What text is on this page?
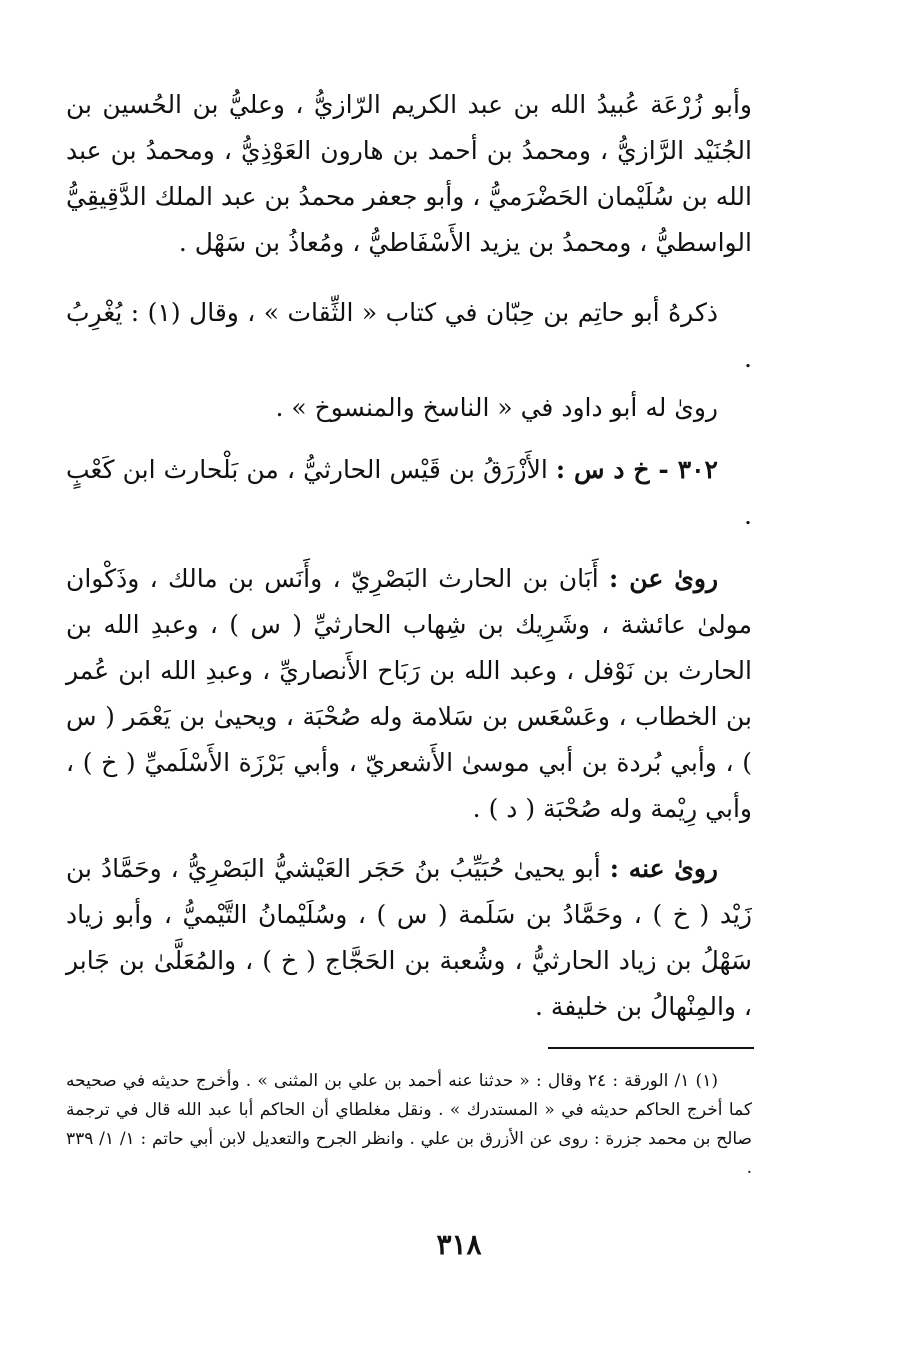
وأبو زُرْعَة عُبيدُ الله بن عبد الكريم الرّازيُّ ، وعليُّ بن الحُسين بن الجُنَيْد الرَّازيُّ ، ومحمدُ بن أحمد بن هارون العَوْذِيُّ ، ومحمدُ بن عبد الله بن سُلَيْمان الحَضْرَميُّ ، وأبو جعفر محمدُ بن عبد الملك الدَّقِيقِيُّ الواسطيُّ ، ومحمدُ بن يزيد الأَسْفَاطيُّ ، ومُعاذُ بن سَهْل .

ذكرهُ أبو حاتِم بن حِبّان في كتاب « الثِّقات » ، وقال (١) : يُغْرِبُ .

روىٰ له أبو داود في « الناسخ والمنسوخ » .

٣٠٢ - خ د س : الأَزْرَقُ بن قَيْس الحارثيُّ ، من بَلْحارث ابن كَعْبٍ .

روىٰ عن : أَبَان بن الحارث البَصْرِيّ ، وأَنَس بن مالك ، وذَكْوان مولىٰ عائشة ، وشَرِيك بن شِهاب الحارثيِّ ( س ) ، وعبدِ الله بن الحارث بن نَوْفل ، وعبد الله بن رَبَاح الأَنصاريِّ ، وعبدِ الله ابن عُمر بن الخطاب ، وعَسْعَس بن سَلامة وله صُحْبَة ، ويحيىٰ بن يَعْمَر ( س ) ، وأبي بُردة بن أبي موسىٰ الأَشعريّ ، وأبي بَرْزَة الأَسْلَميِّ ( خ ) ، وأبي رِيْمة وله صُحْبَة ( د ) .

روىٰ عنه : أبو يحيىٰ حُبَيِّبُ بنُ حَجَر العَيْشيُّ البَصْرِيُّ ، وحَمَّادُ بن زَيْد ( خ ) ، وحَمَّادُ بن سَلَمة ( س ) ، وسُلَيْمانُ التَّيْميُّ ، وأبو زياد سَهْلُ بن زياد الحارثيُّ ، وشُعبة بن الحَجَّاج ( خ ) ، والمُعَلَّىٰ بن جَابر ، والمِنْهالُ بن خليفة .

(١) ١/ الورقة : ٢٤ وقال : « حدثنا عنه أحمد بن علي بن المثنى » . وأخرج حديثه في صحيحه كما أخرج الحاكم حديثه في « المستدرك » . ونقل مغلطاي أن الحاكم أبا عبد الله قال في ترجمة صالح بن محمد جزرة : روى عن الأزرق بن علي . وانظر الجرح والتعديل لابن أبي حاتم : ١/ ١/ ٣٣٩ .

٣١٨
